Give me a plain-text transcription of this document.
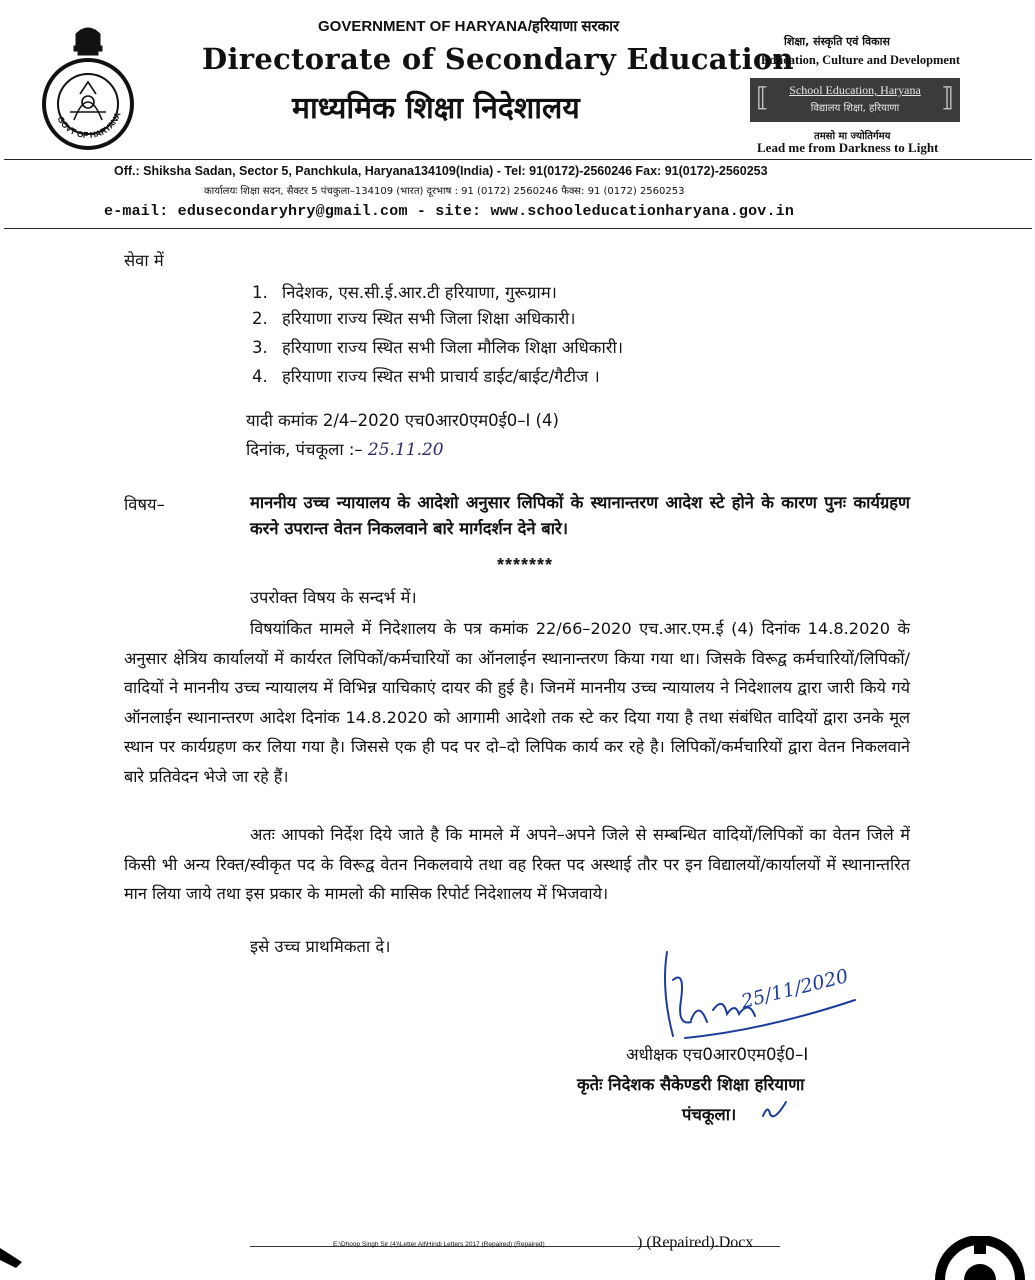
GOVT OF HARYANA
GOVERNMENT OF HARYANA/हरियाणा सरकार
Directorate of Secondary Education
माध्यमिक शिक्षा निदेशालय
शिक्षा, संस्कृति एवं विकास
Education, Culture and Development
⟦	⟧
School Education, Haryana
विद्यालय शिक्षा, हरियाणा
तमसो मा ज्योतिर्गमय
Lead me from Darkness to Light
Off.: Shiksha Sadan, Sector 5, Panchkula, Haryana134109(India) - Tel: 91(0172)-2560246 Fax: 91(0172)-2560253
कार्यालयः शिक्षा सदन, सैक्टर 5 पंचकुला–134109 (भारत) दूरभाष : 91 (0172) 2560246 फैक्स: 91 (0172) 2560253
e-mail: edusecondaryhry@gmail.com - site: www.schooleducationharyana.gov.in
सेवा में
1. निदेशक, एस.सी.ई.आर.टी हरियाणा, गुरूग्राम।
2. हरियाणा राज्य स्थित सभी जिला शिक्षा अधिकारी।
3. हरियाणा राज्य स्थित सभी जिला मौलिक शिक्षा अधिकारी।
4. हरियाणा राज्य स्थित सभी प्राचार्य डाईट/बाईट/गैटीज ।
यादी कमांक 2/4–2020 एच0आर0एम0ई0–I (4)
दिनांक, पंचकूला :– 25.11.20
विषय–	माननीय उच्च न्यायालय के आदेशो अनुसार लिपिकों के स्थानान्तरण आदेश स्टे होने के कारण पुनः कार्यग्रहण करने उपरान्त वेतन निकलवाने बारे मार्गदर्शन देने बारे।
*******
उपरोक्त विषय के सन्दर्भ में।
विषयांकित मामले में निदेशालय के पत्र कमांक 22/66–2020 एच.आर.एम.ई (4) दिनांक 14.8.2020 के अनुसार क्षेत्रिय कार्यालयों में कार्यरत लिपिकों/कर्मचारियों का ऑनलाईन स्थानान्तरण किया गया था। जिसके विरूद्व कर्मचारियों/लिपिकों/वादियों ने माननीय उच्च न्यायालय में विभिन्न याचिकाएं दायर की हुई है। जिनमें माननीय उच्च न्यायालय ने निदेशालय द्वारा जारी किये गये ऑनलाईन स्थानान्तरण आदेश दिनांक 14.8.2020 को आगामी आदेशो तक स्टे कर दिया गया है तथा संबंधित वादियों द्वारा उनके मूल स्थान पर कार्यग्रहण कर लिया गया है। जिससे एक ही पद पर दो–दो लिपिक कार्य कर रहे है। लिपिकों/कर्मचारियों द्वारा वेतन निकलवाने बारे प्रतिवेदन भेजे जा रहे हैं।
अतः आपको निर्देश दिये जाते है कि मामले में अपने–अपने जिले से सम्बन्धित वादियों/लिपिकों का वेतन जिले में किसी भी अन्य रिक्त/स्वीकृत पद के विरूद्व वेतन निकलवाये तथा वह रिक्त पद अस्थाई तौर पर इन विद्यालयों/कार्यालयों में स्थानान्तरित मान लिया जाये तथा इस प्रकार के मामलो की मासिक रिपोर्ट निदेशालय में भिजवाये।
इसे उच्च प्राथमिकता दे।
25/11/2020
अधीक्षक एच0आर0एम0ई0–I
कृतेः निदेशक सैकेण्डरी शिक्षा हरियाणा
पंचकूला।
E:\Dhoop Singh Sir (4)\Letter All\Hindi Letters 2017 (Repaired) (Repaired)	) (Repaired).Docx
